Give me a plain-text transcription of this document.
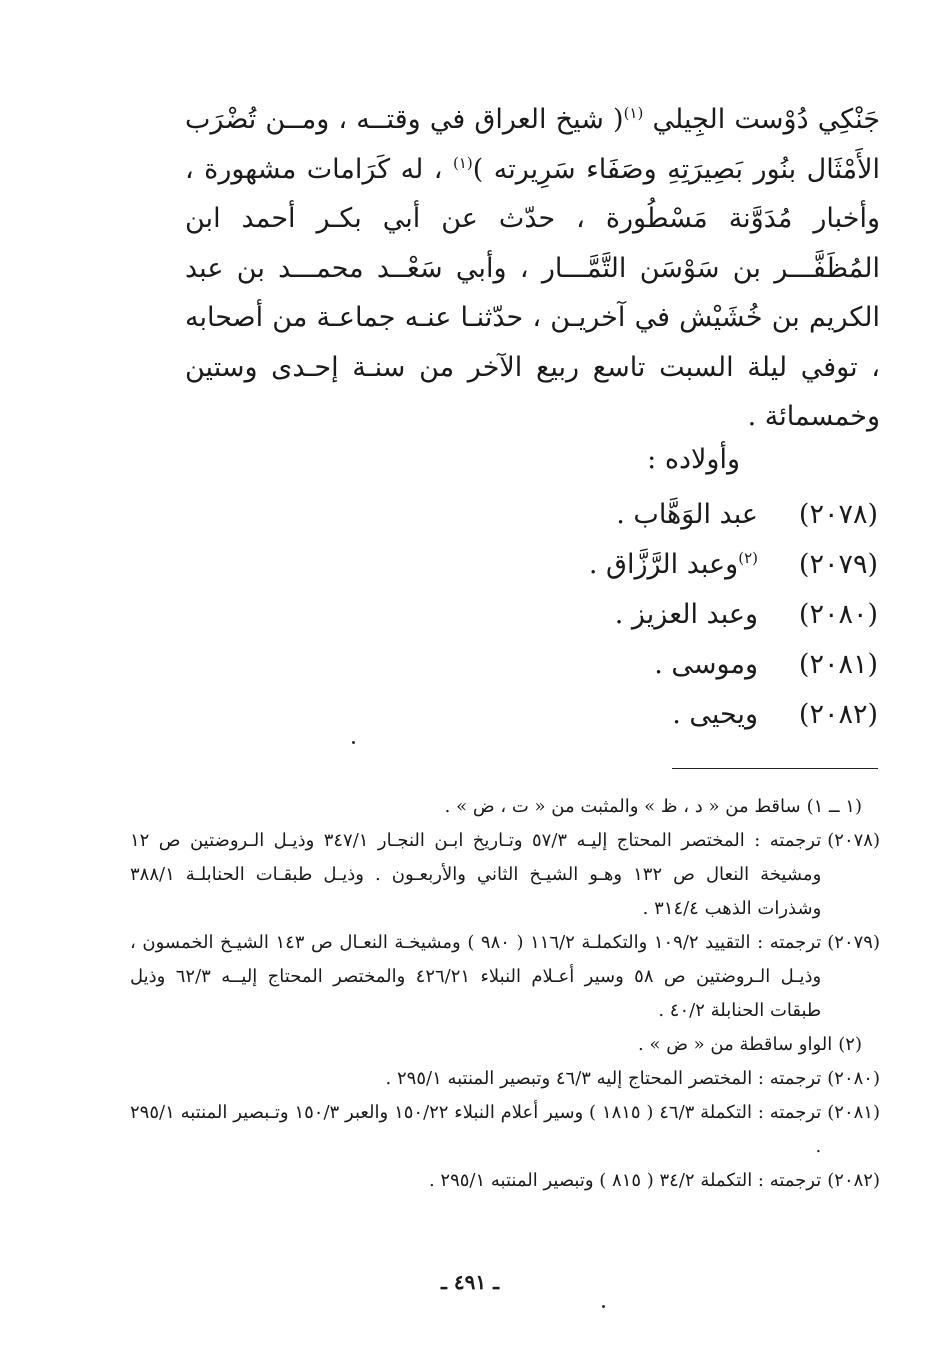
جَنْكِي دُوْست الجِيلي $^{(١)}$( شيخ العراق في وقتــه ، ومــن تُضْرَب الأَمْثَال بنُور بَصِيرَتِهِ وصَفَاء سَرِيرته )$^{(١)}$ ، له كَرَامات مشهورة ، وأخبار مُدَوَّنة مَسْطُورة ، حدّث عن أبي بكـر أحمد ابن المُظَفَّـــر بن سَوْسَن التَّمَّـــار ، وأبي سَعْــد محمـــد بن عبد الكريم بن خُشَيْش في آخريـن ، حدّثنـا عنـه جماعـة من أصحابه ، توفي ليلة السبت تاسع ربيع الآخر من سنـة إحـدى وستين وخمسمائة .

وأولاده :
(٢٠٧٨)عبد الوَهَّاب .
(٢٠٧٩)$^{(٢)}$وعبد الرَّزَّاق .
(٢٠٨٠)وعبد العزيز .
(٢٠٨١)وموسى .
(٢٠٨٢)ويحيى .
(١ ــ ١)
ساقط من « د ، ظ » والمثبت من « ت ، ض » .
(٢٠٧٨)
ترجمته : المختصر المحتاج إليـه ٥٧/٣ وتـاريخ ابـن النجـار ٣٤٧/١ وذيـل الـروضتين ص ١٢ ومشيخة النعال ص ١٣٢ وهـو الشيـخ الثاني والأربعـون . وذيـل طبقـات الحنابلـة ٣٨٨/١ وشذرات الذهب ٣١٤/٤ .
(٢٠٧٩)
ترجمته : التقييد ١٠٩/٢ والتكملـة ١١٦/٢ ( ٩٨٠ ) ومشيخـة النعـال ص ١٤٣ الشيـخ الخمسون ، وذيـل الـروضتين ص ٥٨ وسير أعـلام النبلاء ٤٢٦/٢١ والمختصر المحتاج إليــه ٦٢/٣ وذيل طبقات الحنابلة ٤٠/٢ .
(٢)
الواو ساقطة من « ض » .
(٢٠٨٠)
ترجمته : المختصر المحتاج إليه ٤٦/٣ وتبصير المنتبه ٢٩٥/١ .
(٢٠٨١)
ترجمته : التكملة ٤٦/٣ ( ١٨١٥ ) وسير أعلام النبلاء ١٥٠/٢٢ والعبر ١٥٠/٣ وتـبصير المنتبه ٢٩٥/١ .
(٢٠٨٢)
ترجمته : التكملة ٣٤/٢ ( ٨١٥ ) وتبصير المنتبه ٢٩٥/١ .
ـ ٤٩١ ـ
